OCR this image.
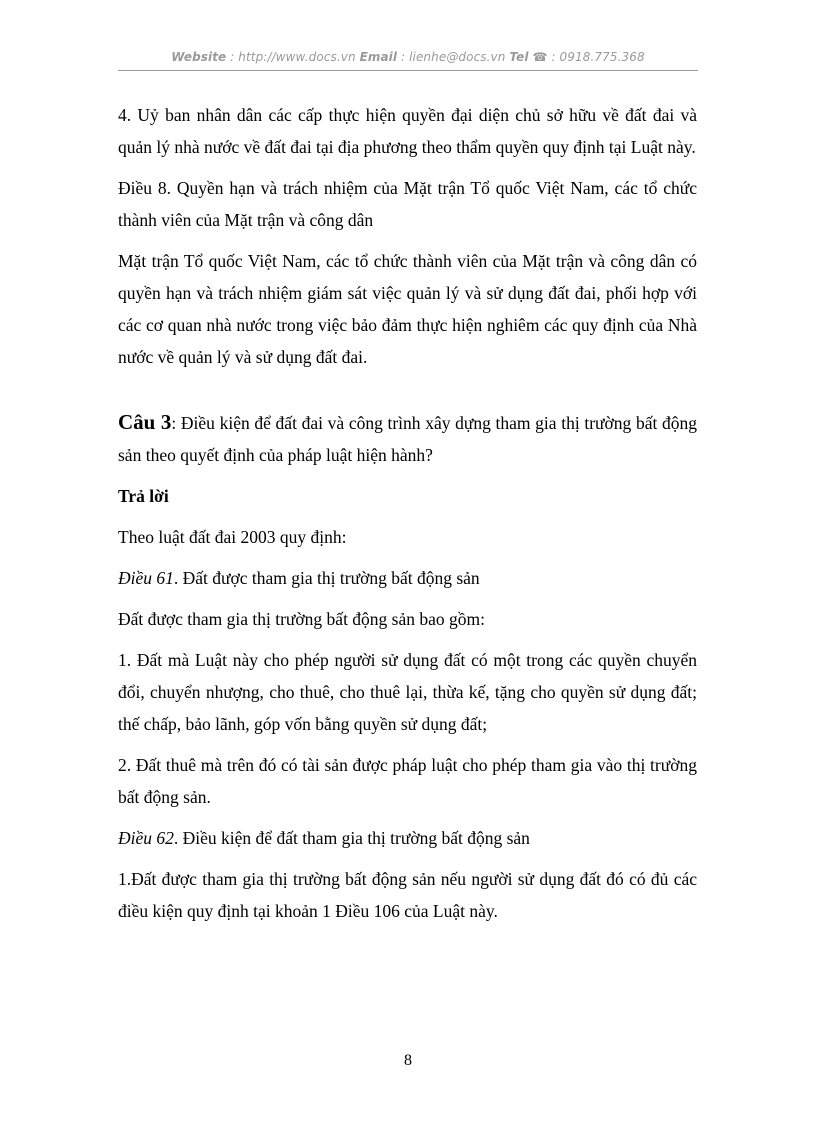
Website : http://www.docs.vn Email : lienhe@docs.vn Tel ☎ : 0918.775.368

4. Uỷ ban nhân dân các cấp thực hiện quyền đại diện chủ sở hữu về đất đai và quản lý nhà nước về đất đai tại địa phương theo thẩm quyền quy định tại Luật này.

Điều 8. Quyền hạn và trách nhiệm của Mặt trận Tổ quốc Việt Nam, các tổ chức thành viên của Mặt trận và công dân

Mặt trận Tổ quốc Việt Nam, các tổ chức thành viên của Mặt trận và công dân có quyền hạn và trách nhiệm giám sát việc quản lý và sử dụng đất đai, phối hợp với các cơ quan nhà nước trong việc bảo đảm thực hiện nghiêm các quy định của Nhà nước về quản lý và sử dụng đất đai.

Câu 3: Điều kiện để đất đai và công trình xây dựng tham gia thị trường bất động sản theo quyết định của pháp luật hiện hành?

Trả lời

Theo luật đất đai 2003 quy định:

Điều 61. Đất được tham gia thị trường bất động sản

Đất được tham gia thị trường bất động sản bao gồm:

1. Đất mà Luật này cho phép người sử dụng đất có một trong các quyền chuyển đổi, chuyển nhượng, cho thuê, cho thuê lại, thừa kế, tặng cho quyền sử dụng đất; thế chấp, bảo lãnh, góp vốn bằng quyền sử dụng đất;

2. Đất thuê mà trên đó có tài sản được pháp luật cho phép tham gia vào thị trường bất động sản.

Điều 62. Điều kiện để đất tham gia thị trường bất động sản

1.Đất được tham gia thị trường bất động sản nếu người sử dụng đất đó có đủ các điều kiện quy định tại khoản 1 Điều 106 của Luật này.

8
